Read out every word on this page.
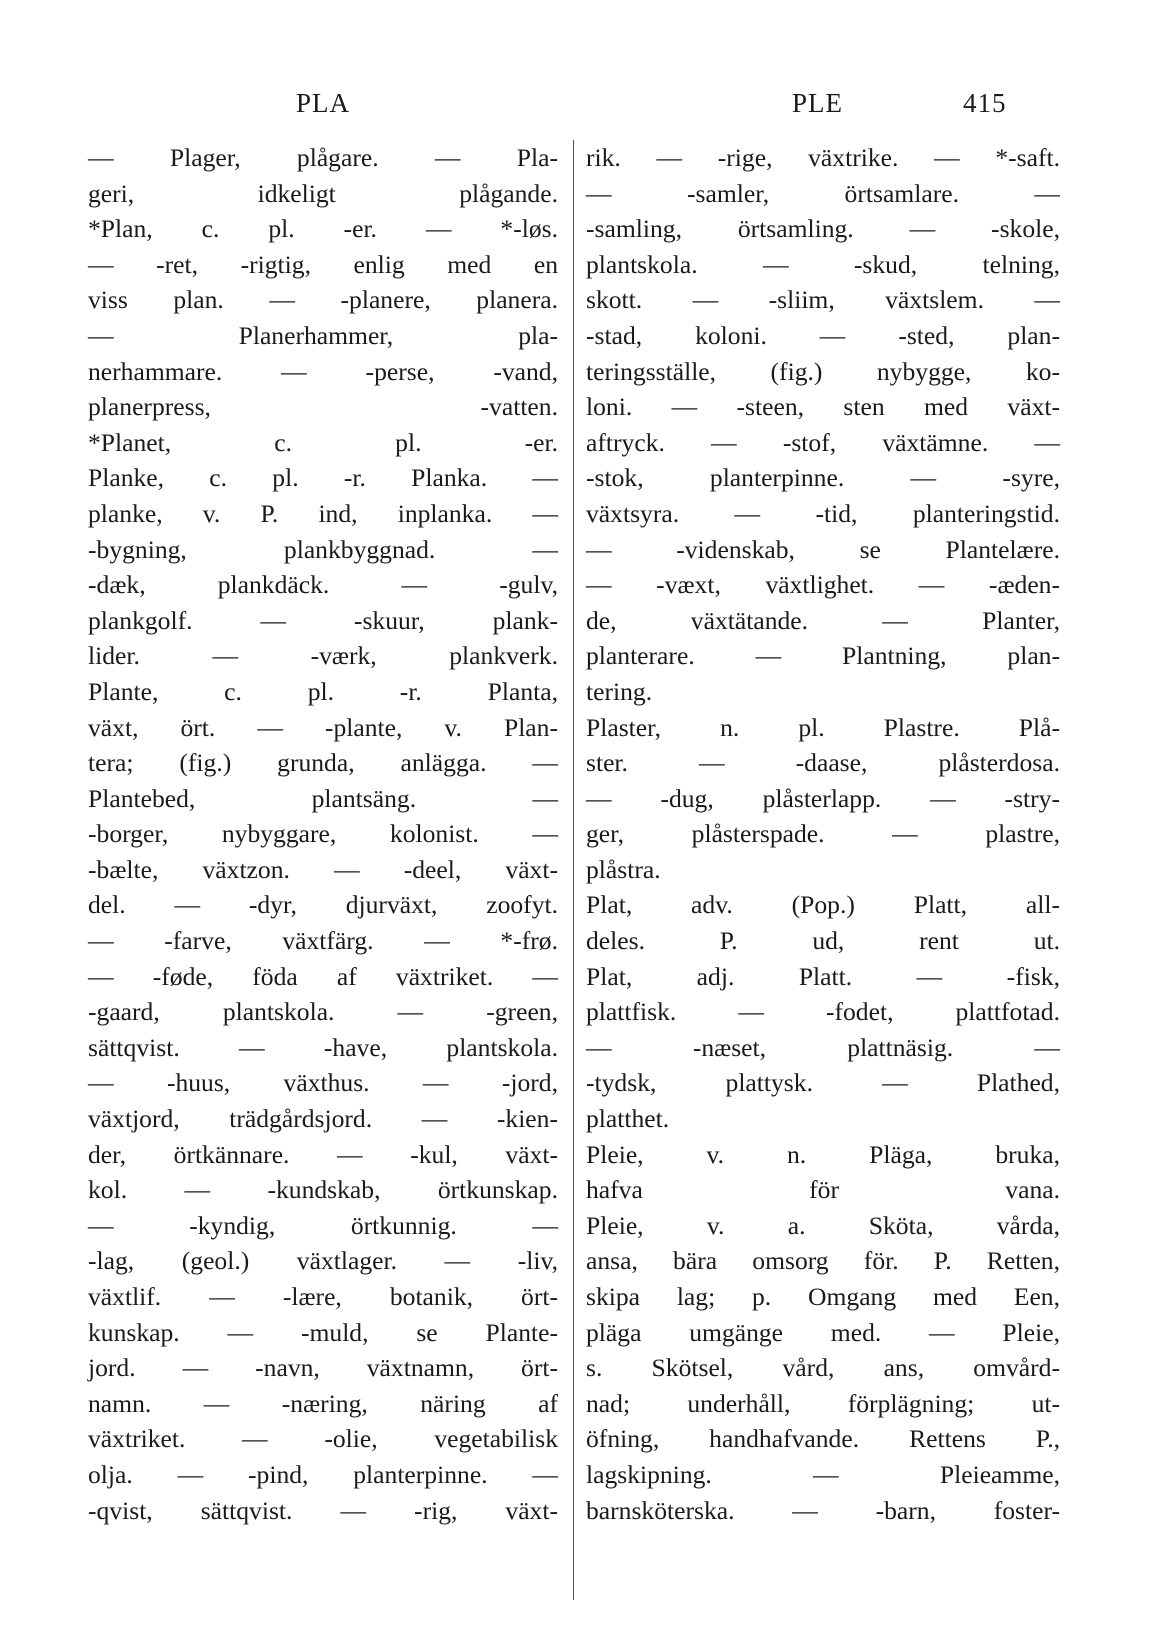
PLA	PLE	415
— Plager, plågare. — Pla-
geri, idkeligt plågande.
*Plan, c. pl. -er. — *-løs.
— -ret, -rigtig, enlig med en
viss plan. — -planere, planera.
— Planerhammer, pla-
nerhammare. — -perse, -vand,
planerpress, -vatten.
*Planet, c. pl. -er.
Planke, c. pl. -r. Planka. —
planke, v. P. ind, inplanka. —
-bygning, plankbyggnad. —
-dæk, plankdäck. — -gulv,
plankgolf. — -skuur, plank-
lider. — -værk, plankverk.
Plante, c. pl. -r. Planta,
växt, ört. — -plante, v. Plan-
tera; (fig.) grunda, anlägga. —
Plantebed, plantsäng. —
-borger, nybyggare, kolonist. —
-bælte, växtzon. — -deel, växt-
del. — -dyr, djurväxt, zoofyt.
— -farve, växtfärg. — *-frø.
— -føde, föda af växtriket. —
-gaard, plantskola. — -green,
sättqvist. — -have, plantskola.
— -huus, växthus. — -jord,
växtjord, trädgårdsjord. — -kien-
der, örtkännare. — -kul, växt-
kol. — -kundskab, örtkunskap.
— -kyndig, örtkunnig. —
-lag, (geol.) växtlager. — -liv,
växtlif. — -lære, botanik, ört-
kunskap. — -muld, se Plante-
jord. — -navn, växtnamn, ört-
namn. — -næring, näring af
växtriket. — -olie, vegetabilisk
olja. — -pind, planterpinne. —
-qvist, sättqvist. — -rig, växt-
rik. — -rige, växtrike. — *-saft.
— -samler, örtsamlare. —
-samling, örtsamling. — -skole,
plantskola. — -skud, telning,
skott. — -sliim, växtslem. —
-stad, koloni. — -sted, plan-
teringsställe, (fig.) nybygge, ko-
loni. — -steen, sten med växt-
aftryck. — -stof, växtämne. —
-stok, planterpinne. — -syre,
växtsyra. — -tid, planteringstid.
— -videnskab, se Plantelære.
— -væxt, växtlighet. — -æden-
de, växtätande. — Planter,
planterare. — Plantning, plan-
tering.
Plaster, n. pl. Plastre. Plå-
ster. — -daase, plåsterdosa.
— -dug, plåsterlapp. — -stry-
ger, plåsterspade. — plastre,
plåstra.
Plat, adv. (Pop.) Platt, all-
deles. P. ud, rent ut.
Plat, adj. Platt. — -fisk,
plattfisk. — -fodet, plattfotad.
— -næset, plattnäsig. —
-tydsk, plattysk. — Plathed,
platthet.
Pleie, v. n. Pläga, bruka,
hafva för vana.
Pleie, v. a. Sköta, vårda,
ansa, bära omsorg för. P. Retten,
skipa lag; p. Omgang med Een,
pläga umgänge med. — Pleie,
s. Skötsel, vård, ans, omvård-
nad; underhåll, förplägning; ut-
öfning, handhafvande. Rettens P.,
lagskipning. — Pleieamme,
barnsköterska. — -barn, foster-
